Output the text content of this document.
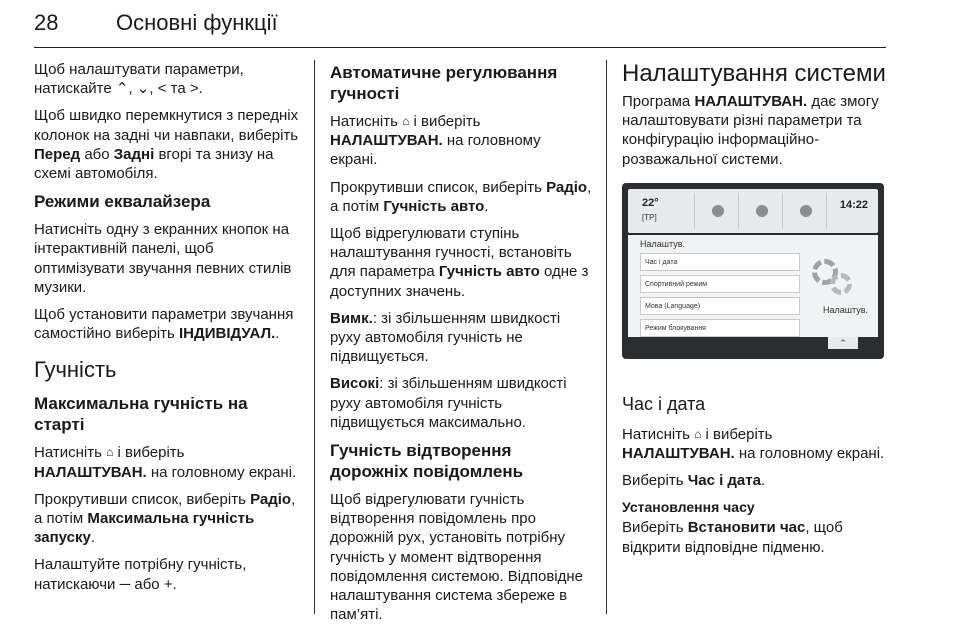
28	Основні функції

Щоб налаштувати параметри, натискайте ⌃, ⌄, < та >.

Щоб швидко перемкнутися з передніх колонок на задні чи навпаки, виберіть Перед або Задні вгорі та знизу на схемі автомобіля.

Режими еквалайзера

Натисніть одну з екранних кнопок на інтерактивній панелі, щоб оптимізувати звучання певних стилів музики.

Щоб установити параметри звучання самостійно виберіть ІНДИВІДУАЛ..

Гучність
Максимальна гучність на старті

Натисніть ⌂ і виберіть
НАЛАШТУВАН. на головному екрані.

Прокрутивши список, виберіть Радіо, а потім Максимальна гучність запуску.

Налаштуйте потрібну гучність, натискаючи ─ або +.

Автоматичне регулювання гучності

Натисніть ⌂ і виберіть
НАЛАШТУВАН. на головному екрані.

Прокрутивши список, виберіть Радіо, а потім Гучність авто.

Щоб відрегулювати ступінь налаштування гучності, встановіть для параметра Гучність авто одне з доступних значень.

Вимк.: зі збільшенням швидкості руху автомобіля гучність не підвищується.

Високі: зі збільшенням швидкості руху автомобіля гучність підвищується максимально.

Гучність відтворення дорожніх повідомлень

Щоб відрегулювати гучність відтворення повідомлень про дорожній рух, установіть потрібну гучність у момент відтворення повідомлення системою. Відповідне налаштування система збереже в пам’яті.

Налаштування системи

Програма НАЛАШТУВАН. дає змогу налаштовувати різні параметри та конфігурацію інформаційно-розважальної системи.

22°
[TP]
14:22
Налаштув.
Час і дата
Спортивний режим
Мова (Language)
Режим блокування
Налаштув.
⌃
Час і дата

Натисніть ⌂ і виберіть
НАЛАШТУВАН. на головному екрані.

Виберіть Час і дата.

Установлення часу

Виберіть Встановити час, щоб відкрити відповідне підменю.
